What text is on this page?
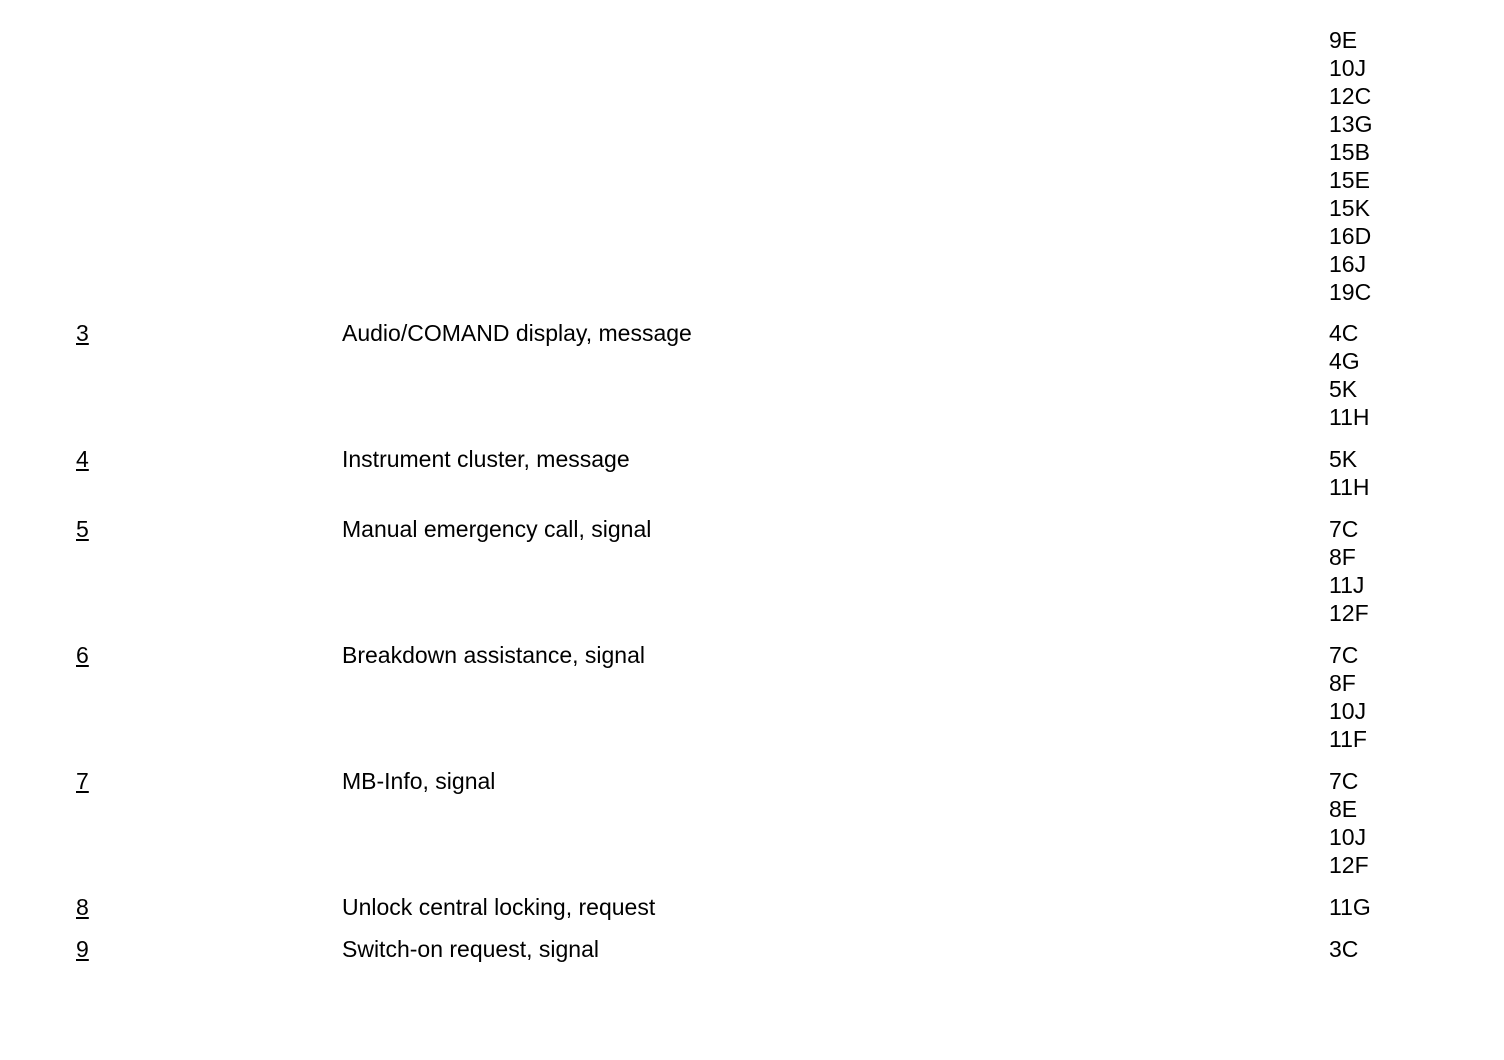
9E
10J
12C
13G
15B
15E
15K
16D
16J
19C
3	Audio/COMAND display, message	4C
4G
5K
11H
4	Instrument cluster, message	5K
11H
5	Manual emergency call, signal	7C
8F
11J
12F
6	Breakdown assistance, signal	7C
8F
10J
11F
7	MB-Info, signal	7C
8E
10J
12F
8	Unlock central locking, request	11G
9	Switch-on request, signal	3C
